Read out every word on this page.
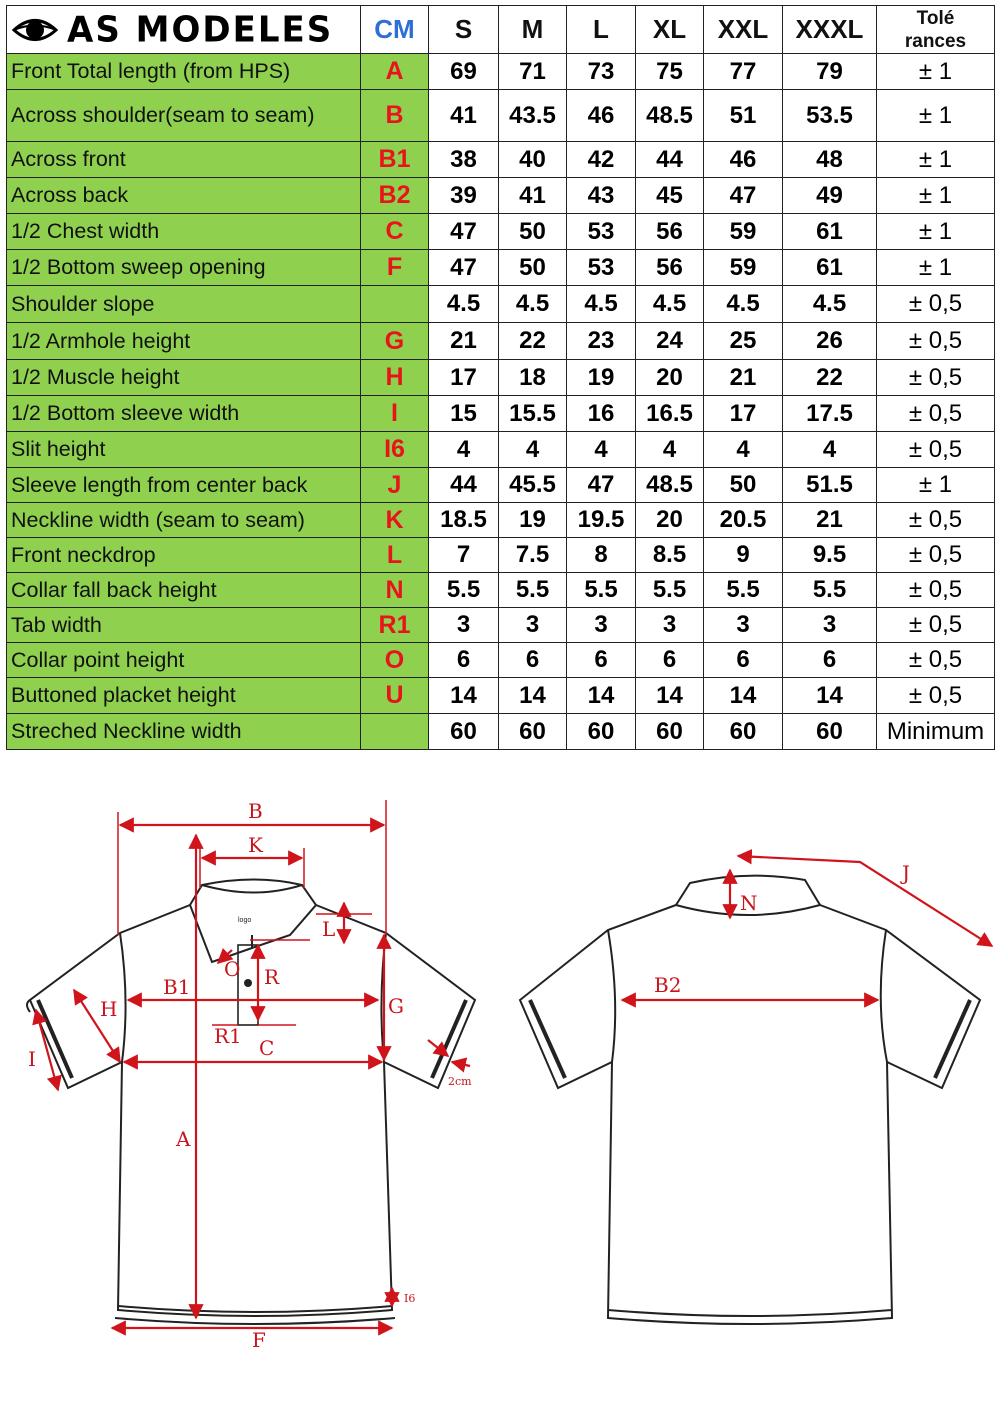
AS MODELES	CM	S	M	L	XL	XXL	XXXL	Tolé
rances

Front Total length (from HPS)	A	69	71	73	75	77	79	± 1
Across shoulder(seam to seam)	B	41	43.5	46	48.5	51	53.5	± 1
Across front	B1	38	40	42	44	46	48	± 1
Across back	B2	39	41	43	45	47	49	± 1
1/2 Chest width	C	47	50	53	56	59	61	± 1
1/2 Bottom sweep opening	F	47	50	53	56	59	61	± 1
Shoulder slope		4.5	4.5	4.5	4.5	4.5	4.5	± 0,5
1/2 Armhole height	G	21	22	23	24	25	26	± 0,5
1/2 Muscle height	H	17	18	19	20	21	22	± 0,5
1/2 Bottom sleeve width	I	15	15.5	16	16.5	17	17.5	± 0,5
Slit height	I6	4	4	4	4	4	4	± 0,5
Sleeve length from center back	J	44	45.5	47	48.5	50	51.5	± 1
Neckline width (seam to seam)	K	18.5	19	19.5	20	20.5	21	± 0,5
Front neckdrop	L	7	7.5	8	8.5	9	9.5	± 0,5
Collar fall back height	N	5.5	5.5	5.5	5.5	5.5	5.5	± 0,5
Tab width	R1	3	3	3	3	3	3	± 0,5
Collar point height	O	6	6	6	6	6	6	± 0,5
Buttoned placket height	U	14	14	14	14	14	14	± 0,5
Streched Neckline width		60	60	60	60	60	60	Minimum
logo
B
K
L
O R
B1
H	G
R1 C
I
2cm
A
I6
F
J
N
B2
